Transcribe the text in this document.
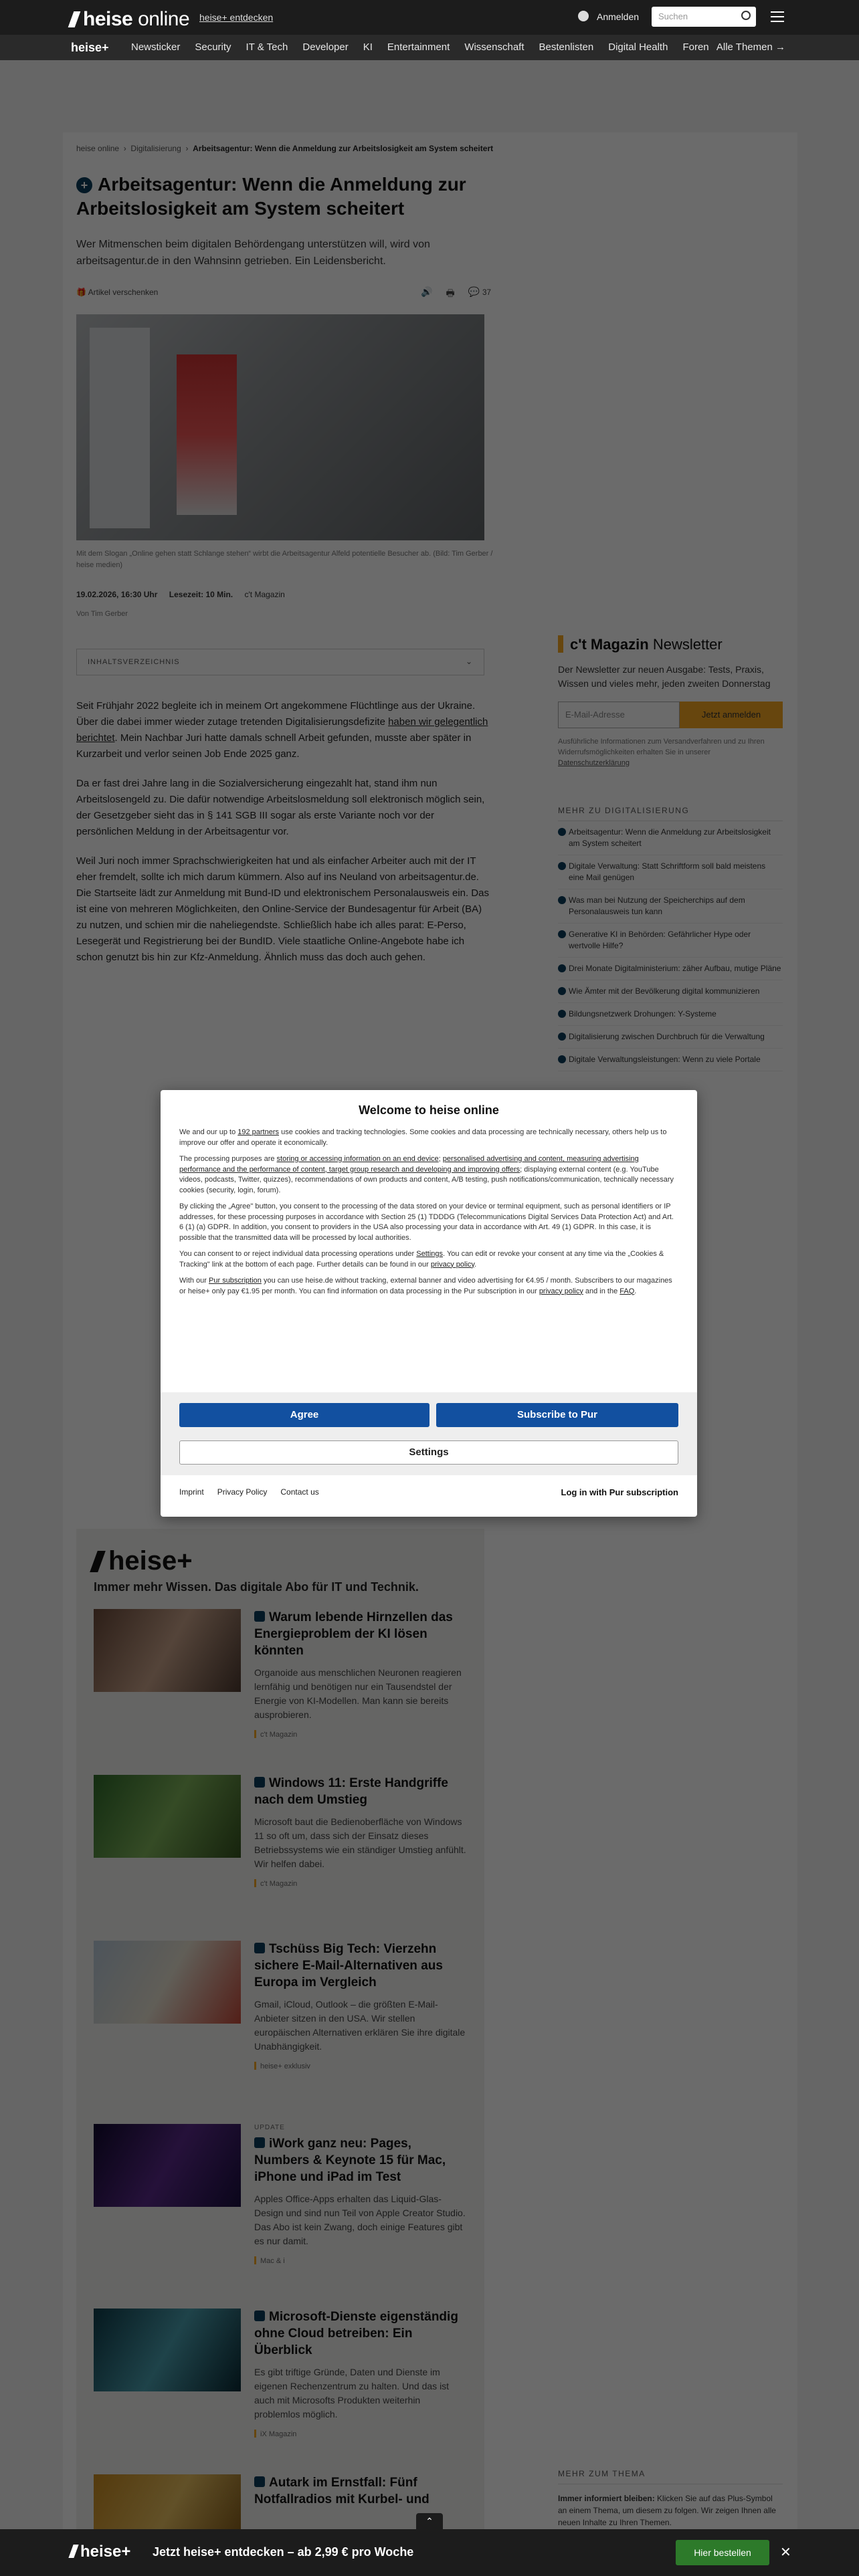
heise online heise+ entdecken	Anmelden Suchen
heise+ Newsticker Security IT & Tech Developer KI Entertainment Wissenschaft Bestenlisten Digital Health Foren Alle Themen →

Welcome to heise online

We and our up to 192 partners use cookies and tracking technologies. Some cookies and data processing are technically necessary, others help us to improve our offer and operate it economically.

The processing purposes are storing or accessing information on an end device; personalised advertising and content, measuring advertising performance and the performance of content, target group research and developing and improving offers; displaying external content (e.g. YouTube videos, podcasts, Twitter, quizzes), recommendations of own products and content, A/B testing, push notifications/communication, technically necessary cookies (security, login, forum).

By clicking the „Agree" button, you consent to the processing of the data stored on your device or terminal equipment, such as personal identifiers or IP addresses, for these processing purposes in accordance with Section 25 (1) TDDDG (Telecommunications Digital Services Data Protection Act) and Art. 6 (1) (a) GDPR. In addition, you consent to providers in the USA also processing your data in accordance with Art. 49 (1) GDPR. In this case, it is possible that the transmitted data will be processed by local authorities.

You can consent to or reject individual data processing operations under Settings. You can edit or revoke your consent at any time via the „Cookies & Tracking" link at the bottom of each page. Further details can be found in our privacy policy.

With our Pur subscription you can use heise.de without tracking, external banner and video advertising for €4.95 / month. Subscribers to our magazines or heise+ only pay €1.95 per month. You can find information on data processing in the Pur subscription in our privacy policy and in the FAQ.

Agree	Subscribe to Pur
Settings
Imprint Privacy Policy Contact us	Log in with Pur subscription
⌃
heise+ Jetzt heise+ entdecken – ab 2,99 € pro Woche	Hier bestellen	✕
